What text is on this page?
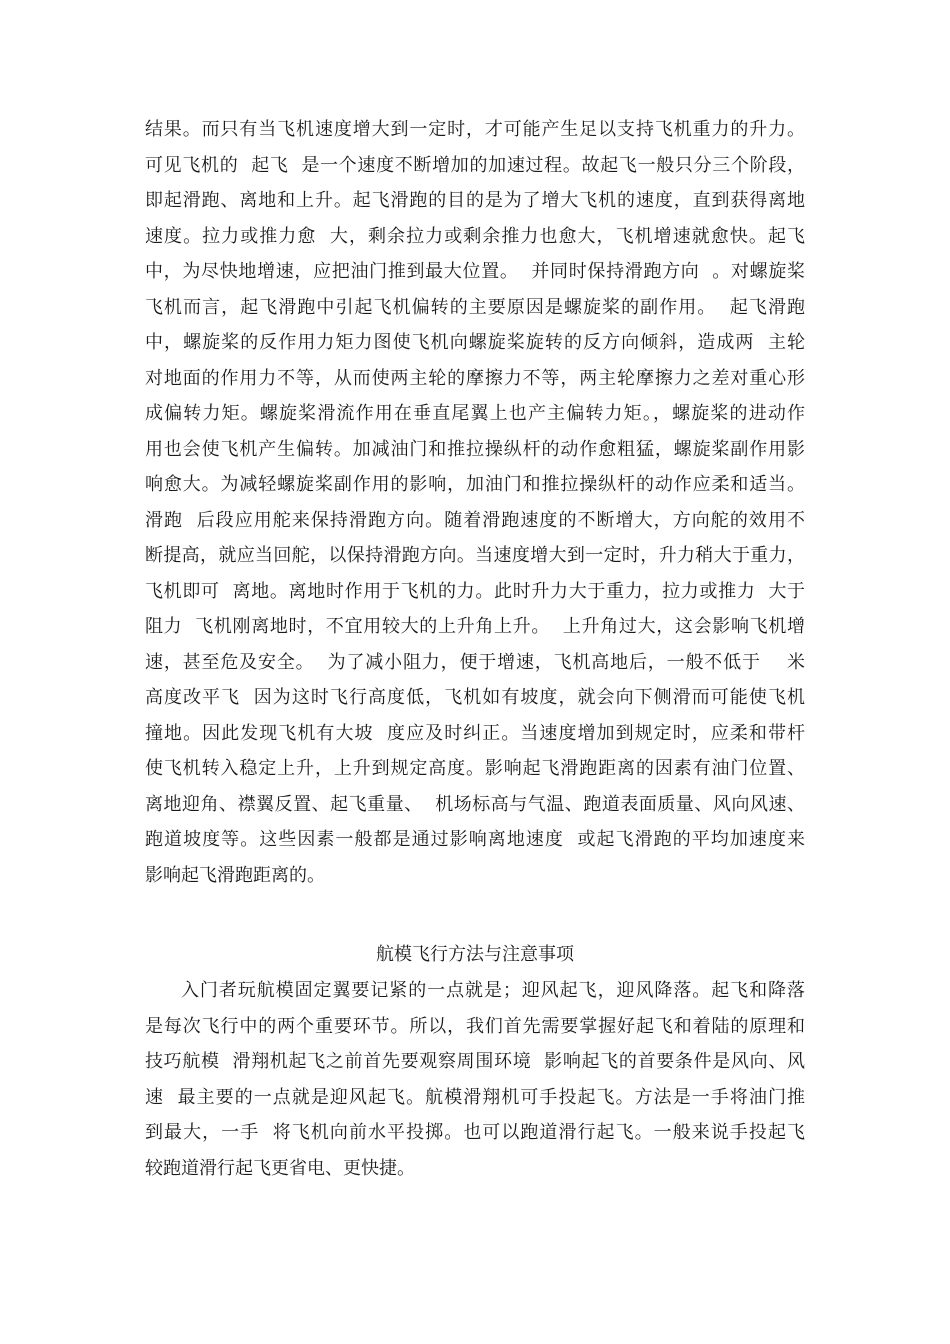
结果。而只有当飞机速度增大到一定时，才可能产生足以支持飞机重力的升力。
可见飞机的  起飞  是一个速度不断增加的加速过程。故起飞一般只分三个阶段，
即起滑跑、离地和上升。起飞滑跑的目的是为了增大飞机的速度，直到获得离地
速度。拉力或推力愈  大，剩余拉力或剩余推力也愈大，飞机增速就愈快。起飞
中，为尽快地增速，应把油门推到最大位置。  并同时保持滑跑方向  。对螺旋桨
飞机而言，起飞滑跑中引起飞机偏转的主要原因是螺旋桨的副作用。  起飞滑跑
中，螺旋桨的反作用力矩力图使飞机向螺旋桨旋转的反方向倾斜，造成两  主轮
对地面的作用力不等，从而使两主轮的摩擦力不等，两主轮摩擦力之差对重心形
成偏转力矩。螺旋桨滑流作用在垂直尾翼上也产主偏转力矩。，螺旋桨的进动作
用也会使飞机产生偏转。加减油门和推拉操纵杆的动作愈粗猛，螺旋桨副作用影
响愈大。为减轻螺旋桨副作用的影响，加油门和推拉操纵杆的动作应柔和适当。
滑跑  后段应用舵来保持滑跑方向。随着滑跑速度的不断增大，方向舵的效用不
断提高，就应当回舵，以保持滑跑方向。当速度增大到一定时，升力稍大于重力，
飞机即可  离地。离地时作用于飞机的力。此时升力大于重力，拉力或推力  大于
阻力  飞机刚离地时，不宜用较大的上升角上升。  上升角过大，这会影响飞机增
速，甚至危及安全。  为了减小阻力，便于增速，飞机高地后，一般不低于    米
高度改平飞  因为这时飞行高度低，飞机如有坡度，就会向下侧滑而可能使飞机
撞地。因此发现飞机有大坡  度应及时纠正。当速度增加到规定时，应柔和带杆
使飞机转入稳定上升，上升到规定高度。影响起飞滑跑距离的因素有油门位置、
离地迎角、襟翼反置、起飞重量、  机场标高与气温、跑道表面质量、风向风速、
跑道坡度等。这些因素一般都是通过影响离地速度  或起飞滑跑的平均加速度来
影响起飞滑跑距离的。
航模飞行方法与注意事项
入门者玩航模固定翼要记紧的一点就是；迎风起飞，迎风降落。起飞和降落
是每次飞行中的两个重要环节。所以，我们首先需要掌握好起飞和着陆的原理和
技巧航模  滑翔机起飞之前首先要观察周围环境  影响起飞的首要条件是风向、风
速  最主要的一点就是迎风起飞。航模滑翔机可手投起飞。方法是一手将油门推
到最大，一手  将飞机向前水平投掷。也可以跑道滑行起飞。一般来说手投起飞
较跑道滑行起飞更省电、更快捷。
